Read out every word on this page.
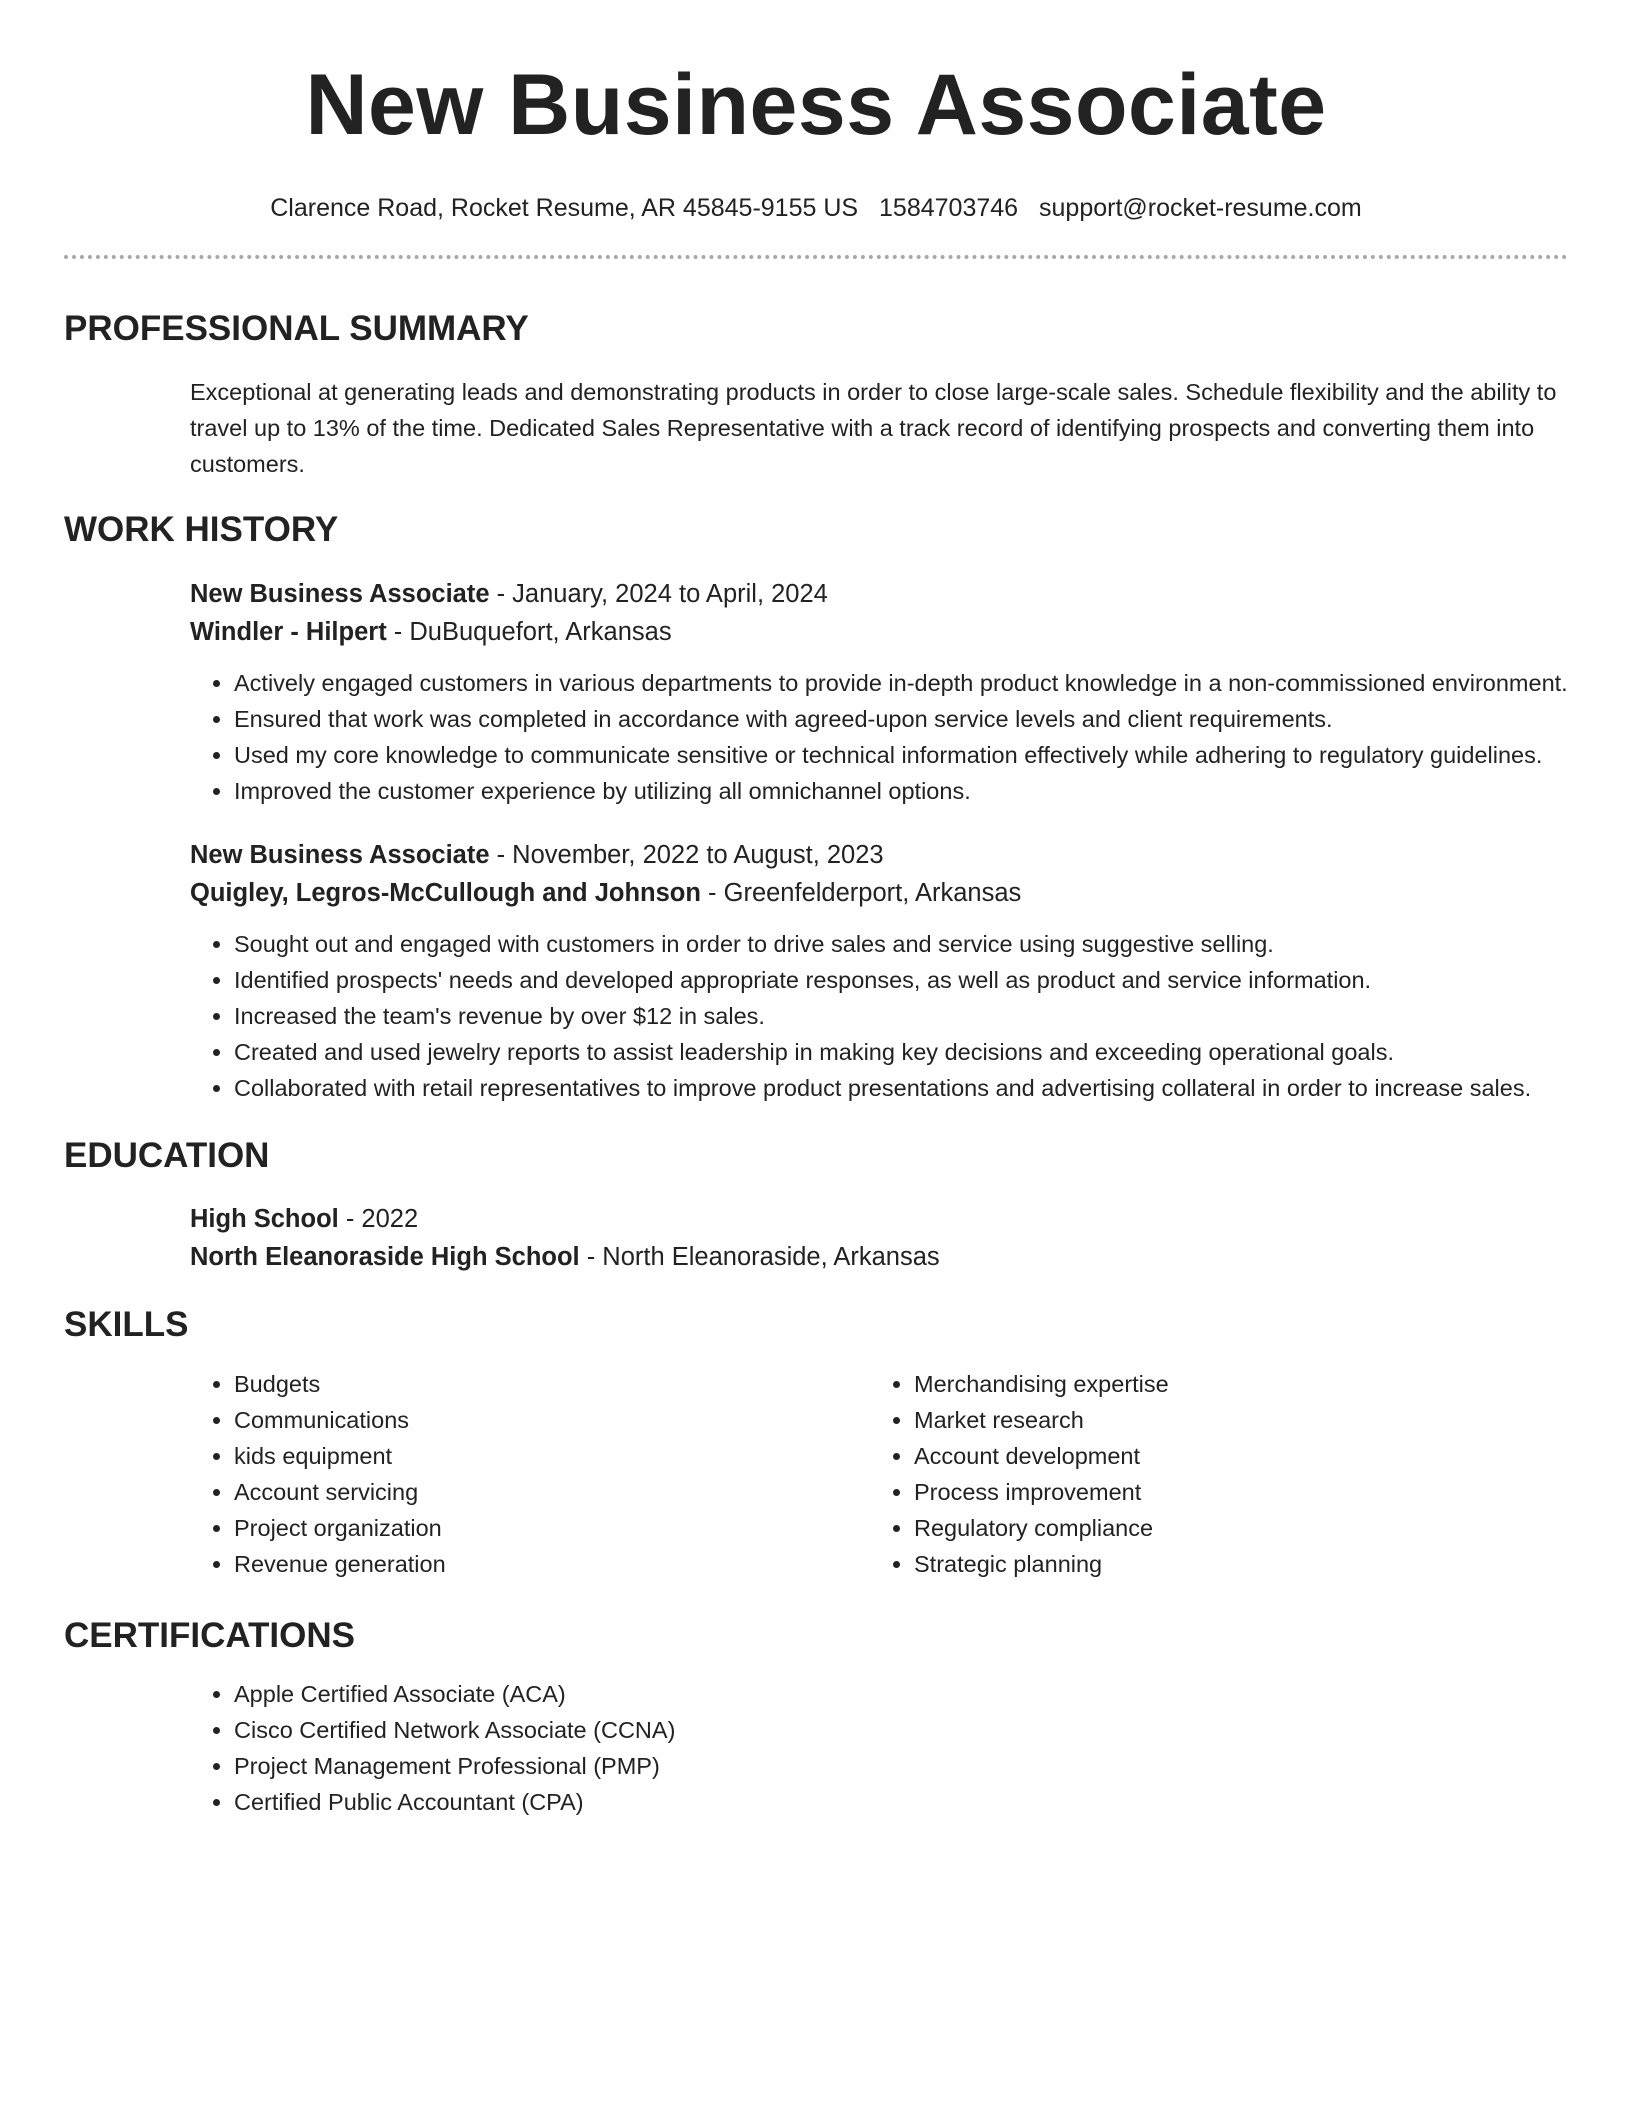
New Business Associate
Clarence Road, Rocket Resume, AR 45845-9155 US 1584703746 support@rocket-resume.com
PROFESSIONAL SUMMARY
Exceptional at generating leads and demonstrating products in order to close large-scale sales. Schedule flexibility and the ability to travel up to 13% of the time. Dedicated Sales Representative with a track record of identifying prospects and converting them into customers.
WORK HISTORY
New Business Associate - January, 2024 to April, 2024
Windler - Hilpert - DuBuquefort, Arkansas
• Actively engaged customers in various departments to provide in-depth product knowledge in a non-commissioned environment.
• Ensured that work was completed in accordance with agreed-upon service levels and client requirements.
• Used my core knowledge to communicate sensitive or technical information effectively while adhering to regulatory guidelines.
• Improved the customer experience by utilizing all omnichannel options.
New Business Associate - November, 2022 to August, 2023
Quigley, Legros-McCullough and Johnson - Greenfelderport, Arkansas
• Sought out and engaged with customers in order to drive sales and service using suggestive selling.
• Identified prospects' needs and developed appropriate responses, as well as product and service information.
• Increased the team's revenue by over $12 in sales.
• Created and used jewelry reports to assist leadership in making key decisions and exceeding operational goals.
• Collaborated with retail representatives to improve product presentations and advertising collateral in order to increase sales.
EDUCATION
High School - 2022
North Eleanoraside High School - North Eleanoraside, Arkansas
SKILLS
• Budgets
• Communications
• kids equipment
• Account servicing
• Project organization
• Revenue generation
• Merchandising expertise
• Market research
• Account development
• Process improvement
• Regulatory compliance
• Strategic planning
CERTIFICATIONS
• Apple Certified Associate (ACA)
• Cisco Certified Network Associate (CCNA)
• Project Management Professional (PMP)
• Certified Public Accountant (CPA)
